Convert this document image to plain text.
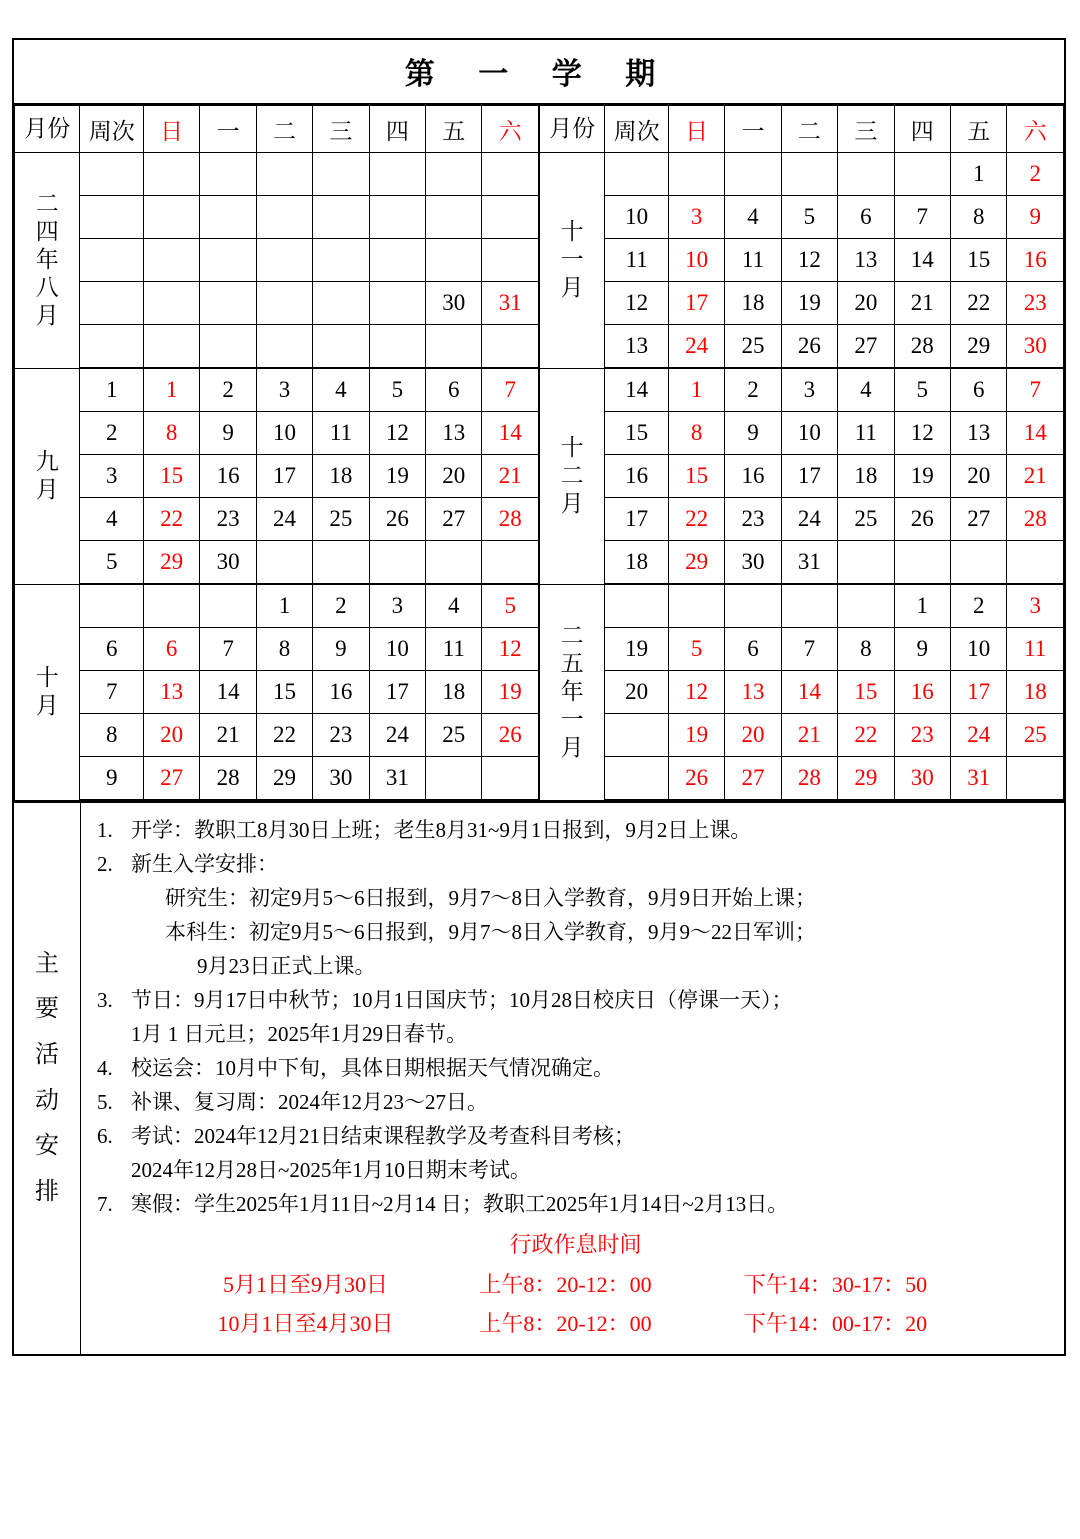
第 一 学 期
月份	周次	日	一	二	三	四	五	六	月份	周次	日	一	二	三	四	五	六

二四年八月									十一月							1	2
										10	3	4	5	6	7	8	9
										11	10	11	12	13	14	15	16
							30	31		12	17	18	19	20	21	22	23
										13	24	25	26	27	28	29	30

九月	1	1	2	3	4	5	6	7	十二月	14	1	2	3	4	5	6	7
	2	8	9	10	11	12	13	14		15	8	9	10	11	12	13	14
	3	15	16	17	18	19	20	21		16	15	16	17	18	19	20	21
	4	22	23	24	25	26	27	28		17	22	23	24	25	26	27	28
	5	29	30							18	29	30	31				

十月				1	2	3	4	5	二五年一月						1	2	3
	6	6	7	8	9	10	11	12		19	5	6	7	8	9	10	11
	7	13	14	15	16	17	18	19		20	12	13	14	15	16	17	18
	8	20	21	22	23	24	25	26			19	20	21	22	23	24	25
	9	27	28	29	30	31					26	27	28	29	30	31	
主要活动安排
1. 开学：教职工8月30日上班；老生8月31~9月1日报到，9月2日上课。
2. 新生入学安排：
研究生：初定9月5～6日报到，9月7～8日入学教育，9月9日开始上课；
本科生：初定9月5～6日报到，9月7～8日入学教育，9月9～22日军训；
9月23日正式上课。
3. 节日：9月17日中秋节；10月1日国庆节；10月28日校庆日（停课一天）；
1月 1 日元旦；2025年1月29日春节。
4. 校运会：10月中下旬，具体日期根据天气情况确定。
5. 补课、复习周：2024年12月23～27日。
6. 考试：2024年12月21日结束课程教学及考查科目考核；
2024年12月28日~2025年1月10日期末考试。
7. 寒假：学生2025年1月11日~2月14 日；教职工2025年1月14日~2月13日。
行政作息时间
5月1日至9月30日	上午8：20-12：00	下午14：30-17：50
10月1日至4月30日	上午8：20-12：00	下午14：00-17：20
